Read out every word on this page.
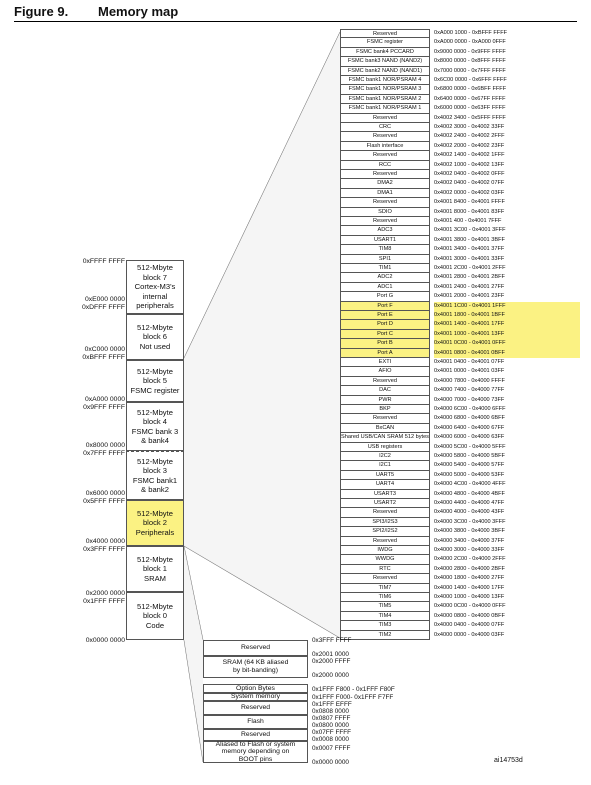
Figure 9. Memory map
512-Mbyte
block 7
Cortex-M3's
internal
peripherals
512-Mbyte
block 6
Not used
512-Mbyte
block 5
FSMC register
512-Mbyte
block 4
FSMC bank 3
& bank4
512-Mbyte
block 3
FSMC bank1
& bank2
512-Mbyte
block 2
Peripherals
512-Mbyte
block 1
SRAM
512-Mbyte
block 0
Code
0xFFFF FFFF
0xE000 0000
0xDFFF FFFF
0xC000 0000
0xBFFF FFFF
0xA000 0000
0x9FFF FFFF
0x8000 0000
0x7FFF FFFF
0x6000 0000
0x5FFF FFFF
0x4000 0000
0x3FFF FFFF
0x2000 0000
0x1FFF FFFF
0x0000 0000
Reserved	0xA000 1000 - 0xBFFF FFFF
FSMC register	0xA000 0000 - 0xA000 0FFF
FSMC bank4 PCCARD	0x9000 0000 - 0x9FFF FFFF
FSMC bank3 NAND (NAND2)	0x8000 0000 - 0x8FFF FFFF
FSMC bank2 NAND (NAND1)	0x7000 0000 - 0x7FFF FFFF
FSMC bank1 NOR/PSRAM 4	0x6C00 0000 - 0x6FFF FFFF
FSMC bank1 NOR/PSRAM 3	0x6800 0000 - 0x6BFF FFFF
FSMC bank1 NOR/PSRAM 2	0x6400 0000 - 0x67FF FFFF
FSMC bank1 NOR/PSRAM 1	0x6000 0000 - 0x63FF FFFF
Reserved	0x4002 3400 - 0x5FFF FFFF
CRC	0x4002 3000 - 0x4002 33FF
Reserved	0x4002 2400 - 0x4002 2FFF
Flash interface	0x4002 2000 - 0x4002 23FF
Reserved	0x4002 1400 - 0x4002 1FFF
RCC	0x4002 1000 - 0x4002 13FF
Reserved	0x4002 0400 - 0x4002 0FFF
DMA2	0x4002 0400 - 0x4002 07FF
DMA1	0x4002 0000 - 0x4002 03FF
Reserved	0x4001 8400 - 0x4001 FFFF
SDIO	0x4001 8000 - 0x4001 83FF
Reserved	0x4001 400 - 0x4001 7FFF
ADC3	0x4001 3C00 - 0x4001 3FFF
USART1	0x4001 3800 - 0x4001 3BFF
TIM8	0x4001 3400 - 0x4001 37FF
SPI1	0x4001 3000 - 0x4001 33FF
TIM1	0x4001 2C00 - 0x4001 2FFF
ADC2	0x4001 2800 - 0x4001 2BFF
ADC1	0x4001 2400 - 0x4001 27FF
Port G	0x4001 2000 - 0x4001 23FF
Port F	0x4001 1C00 - 0x4001 1FFF
Port E	0x4001 1800 - 0x4001 1BFF
Port D	0x4001 1400 - 0x4001 17FF
Port C	0x4001 1000 - 0x4001 13FF
Port B	0x4001 0C00 - 0x4001 0FFF
Port A	0x4001 0800 - 0x4001 0BFF
EXTI	0x4001 0400 - 0x4001 07FF
AFIO	0x4001 0000 - 0x4001 03FF
Reserved	0x4000 7800 - 0x4000 FFFF
DAC	0x4000 7400 - 0x4000 77FF
PWR	0x4000 7000 - 0x4000 73FF
BKP	0x4000 6C00 - 0x4000 6FFF
Reserved	0x4000 6800 - 0x4000 6BFF
BxCAN	0x4000 6400 - 0x4000 67FF
Shared USB/CAN SRAM 512 bytes 0x4000 6000 - 0x4000 63FF
USB registers	0x4000 5C00 - 0x4000 5FFF
I2C2	0x4000 5800 - 0x4000 5BFF
I2C1	0x4000 5400 - 0x4000 57FF
UART5	0x4000 5000 - 0x4000 53FF
UART4	0x4000 4C00 - 0x4000 4FFF
USART3	0x4000 4800 - 0x4000 4BFF
USART2	0x4000 4400 - 0x4000 47FF
Reserved	0x4000 4000 - 0x4000 43FF
SPI3/I2S3	0x4000 3C00 - 0x4000 3FFF
SPI2/I2S2	0x4000 3800 - 0x4000 3BFF
Reserved	0x4000 3400 - 0x4000 37FF
IWDG	0x4000 3000 - 0x4000 33FF
WWDG	0x4000 2C00 - 0x4000 2FFF
RTC	0x4000 2800 - 0x4000 2BFF
Reserved	0x4000 1800 - 0x4000 27FF
TIM7	0x4000 1400 - 0x4000 17FF
TIM6	0x4000 1000 - 0x4000 13FF
TIM5	0x4000 0C00 - 0x4000 0FFF
TIM4	0x4000 0800 - 0x4000 0BFF
TIM3	0x4000 0400 - 0x4000 07FF
TIM2	0x4000 0000 - 0x4000 03FF
Reserved
SRAM (64 KB aliased
by bit-banding)
Option Bytes
System memory
Reserved
Flash
Reserved
Aliased to Flash or system
memory depending on
BOOT pins
0x3FFF FFFF
0x2001 0000
0x2000 FFFF
0x2000 0000
0x1FFF F800 - 0x1FFF F80F
0x1FFF F000- 0x1FFF F7FF
0x1FFF EFFF
0x0808 0000
0x0807 FFFF
0x0800 0000
0x07FF FFFF
0x0008 0000
0x0007 FFFF
0x0000 0000	ai14753d
